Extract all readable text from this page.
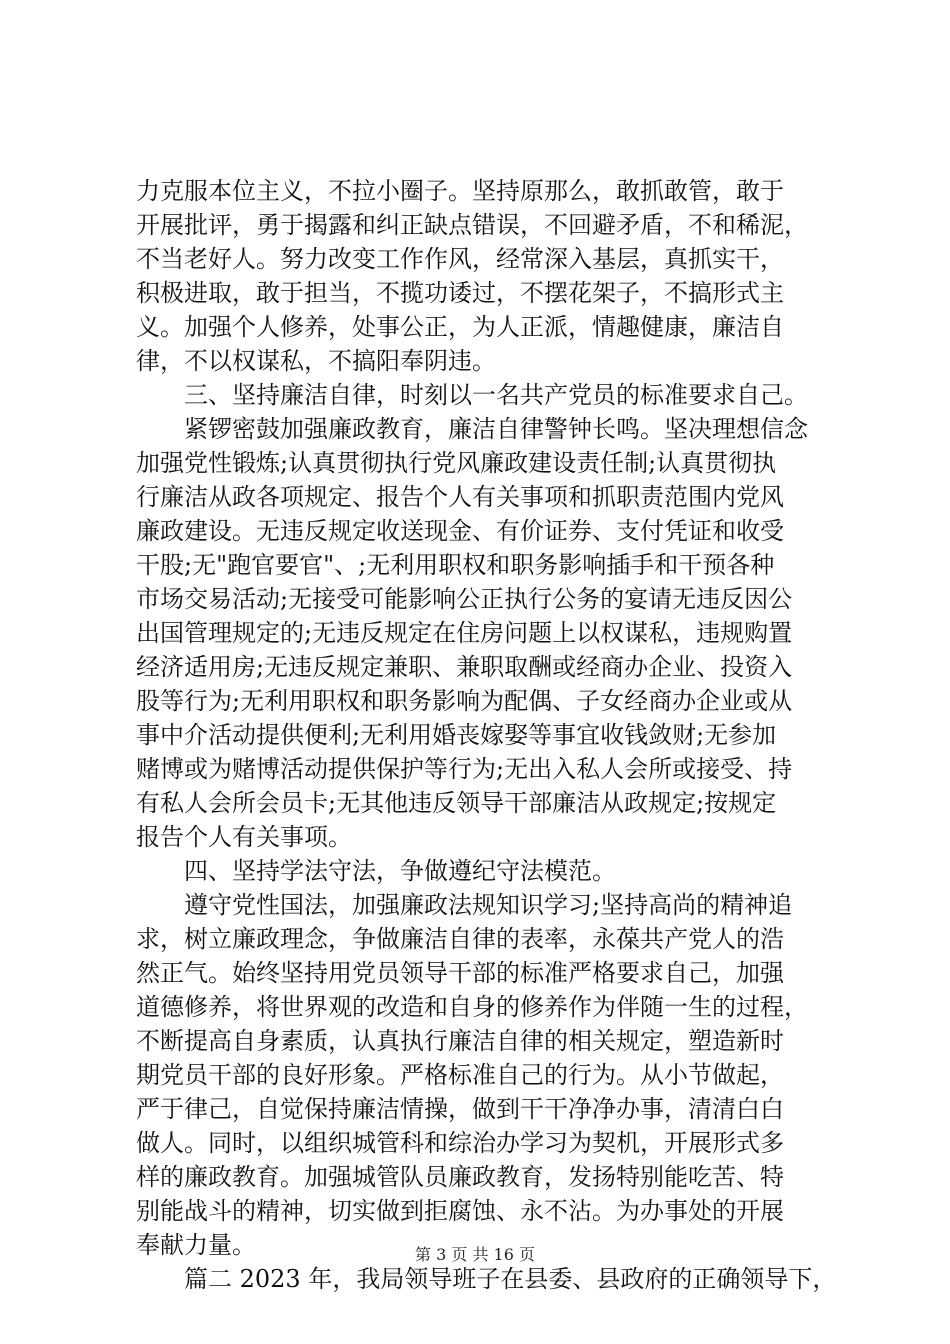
力克服本位主义，不拉小圈子。坚持原那么，敢抓敢管，敢于
开展批评，勇于揭露和纠正缺点错误，不回避矛盾，不和稀泥，
不当老好人。努力改变工作作风，经常深入基层，真抓实干，
积极进取，敢于担当，不揽功诿过，不摆花架子，不搞形式主
义。加强个人修养，处事公正，为人正派，情趣健康，廉洁自
律，不以权谋私，不搞阳奉阴违。
　　三、坚持廉洁自律，时刻以一名共产党员的标准要求自己。
　　紧锣密鼓加强廉政教育，廉洁自律警钟长鸣。坚决理想信念
加强党性锻炼;认真贯彻执行党风廉政建设责任制;认真贯彻执
行廉洁从政各项规定、报告个人有关事项和抓职责范围内党风
廉政建设。无违反规定收送现金、有价证券、支付凭证和收受
干股;无"跑官要官"、;无利用职权和职务影响插手和干预各种
市场交易活动;无接受可能影响公正执行公务的宴请无违反因公
出国管理规定的;无违反规定在住房问题上以权谋私，违规购置
经济适用房;无违反规定兼职、兼职取酬或经商办企业、投资入
股等行为;无利用职权和职务影响为配偶、子女经商办企业或从
事中介活动提供便利;无利用婚丧嫁娶等事宜收钱敛财;无参加
赌博或为赌博活动提供保护等行为;无出入私人会所或接受、持
有私人会所会员卡;无其他违反领导干部廉洁从政规定;按规定
报告个人有关事项。
　　四、坚持学法守法，争做遵纪守法模范。
　　遵守党性国法，加强廉政法规知识学习;坚持高尚的精神追
求，树立廉政理念，争做廉洁自律的表率，永葆共产党人的浩
然正气。始终坚持用党员领导干部的标准严格要求自己，加强
道德修养，将世界观的改造和自身的修养作为伴随一生的过程，
不断提高自身素质，认真执行廉洁自律的相关规定，塑造新时
期党员干部的良好形象。严格标准自己的行为。从小节做起，
严于律己，自觉保持廉洁情操，做到干干净净办事，清清白白
做人。同时，以组织城管科和综治办学习为契机，开展形式多
样的廉政教育。加强城管队员廉政教育，发扬特别能吃苦、特
别能战斗的精神，切实做到拒腐蚀、永不沾。为办事处的开展
奉献力量。
　　篇二 2023 年，我局领导班子在县委、县政府的正确领导下，
第 3 页 共 16 页
